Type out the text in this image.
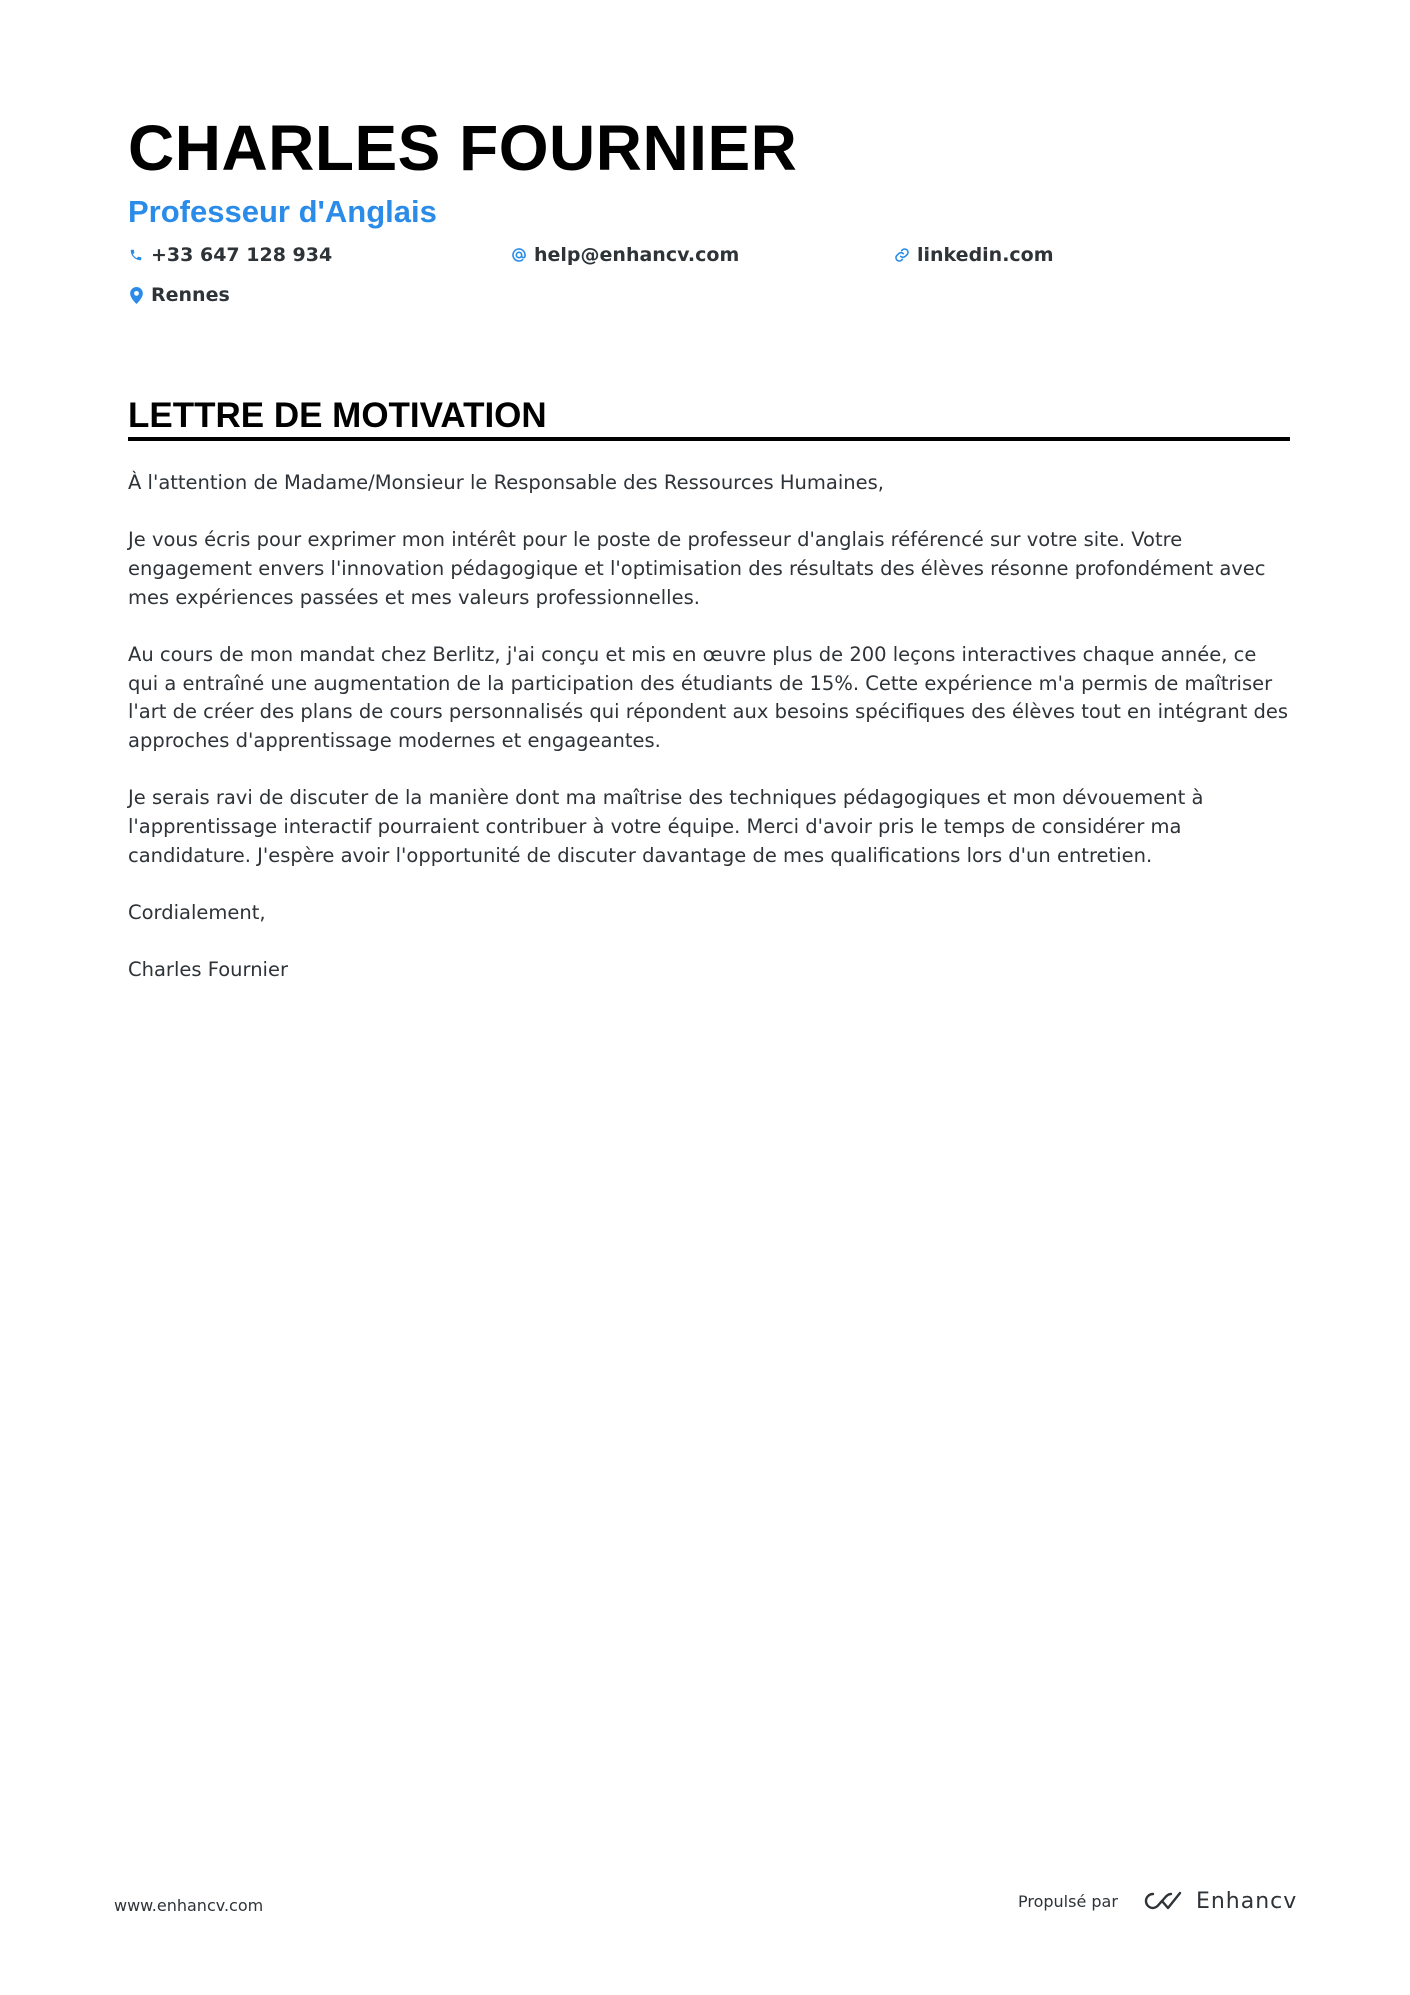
CHARLES FOURNIER
Professeur d'Anglais
+33 647 128 934	help@enhancv.com	linkedin.com
Rennes
LETTRE DE MOTIVATION

À l'attention de Madame/Monsieur le Responsable des Ressources Humaines,

Je vous écris pour exprimer mon intérêt pour le poste de professeur d'anglais référencé sur votre site. Votre engagement envers l'innovation pédagogique et l'optimisation des résultats des élèves résonne profondément avec mes expériences passées et mes valeurs professionnelles.

Au cours de mon mandat chez Berlitz, j'ai conçu et mis en œuvre plus de 200 leçons interactives chaque année, ce qui a entraîné une augmentation de la participation des étudiants de 15%. Cette expérience m'a permis de maîtriser l'art de créer des plans de cours personnalisés qui répondent aux besoins spécifiques des élèves tout en intégrant des approches d'apprentissage modernes et engageantes.

Je serais ravi de discuter de la manière dont ma maîtrise des techniques pédagogiques et mon dévouement à l'apprentissage interactif pourraient contribuer à votre équipe. Merci d'avoir pris le temps de considérer ma candidature. J'espère avoir l'opportunité de discuter davantage de mes qualifications lors d'un entretien.

Cordialement,

Charles Fournier

www.enhancv.com	Propulsé par	Enhancv
